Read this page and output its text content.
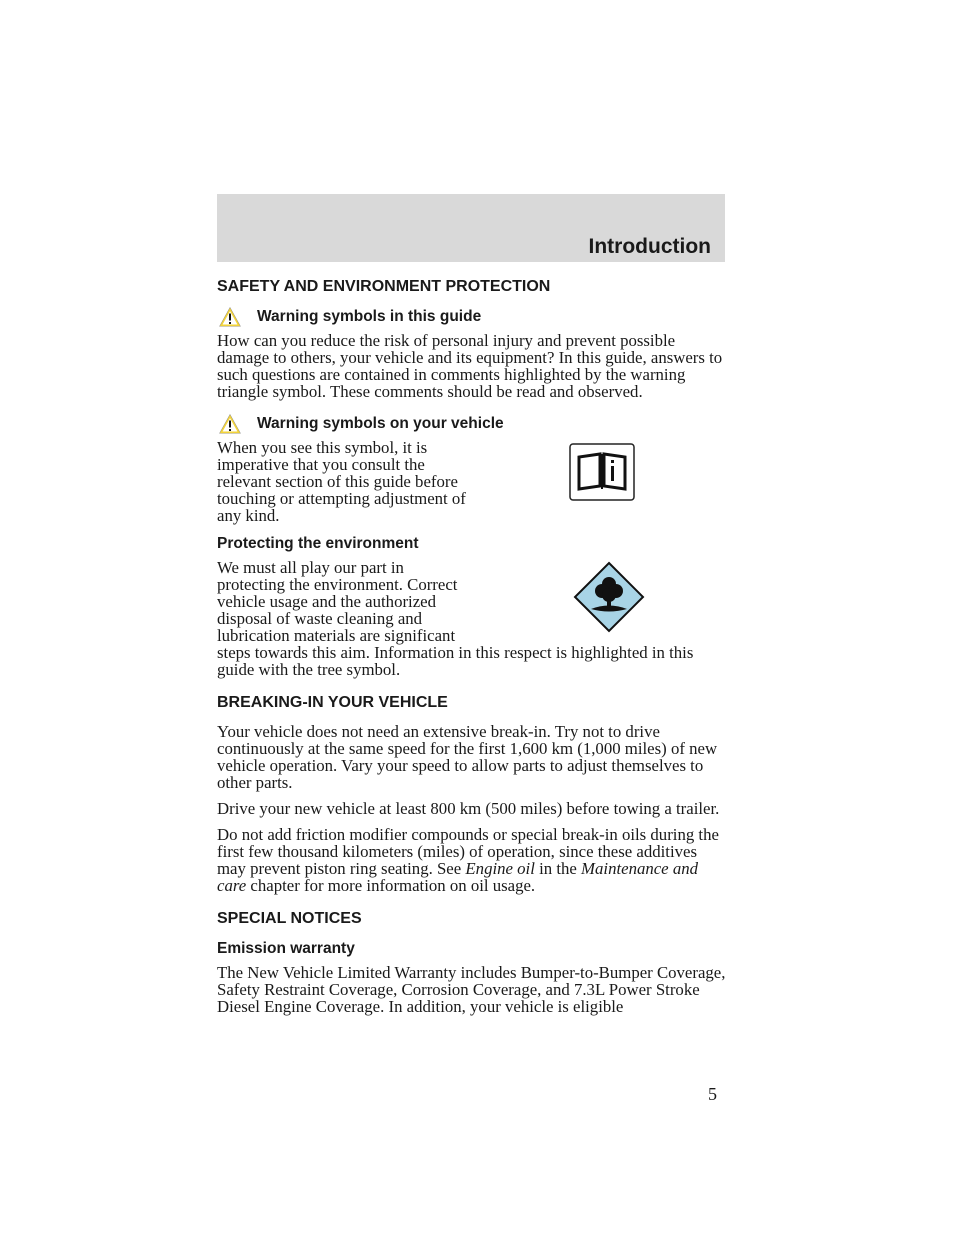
Introduction
SAFETY AND ENVIRONMENT PROTECTION
Warning symbols in this guide

How can you reduce the risk of personal injury and prevent possible damage to others, your vehicle and its equipment? In this guide, answers to such questions are contained in comments highlighted by the warning triangle symbol. These comments should be read and observed.

Warning symbols on your vehicle

When you see this symbol, it is imperative that you consult the relevant section of this guide before touching or attempting adjustment of any kind.

Protecting the environment

We must all play our part in protecting the environment. Correct vehicle usage and the authorized disposal of waste cleaning and lubrication materials are significant

steps towards this aim. Information in this respect is highlighted in this guide with the tree symbol.

BREAKING-IN YOUR VEHICLE

Your vehicle does not need an extensive break-in. Try not to drive continuously at the same speed for the first 1,600 km (1,000 miles) of new vehicle operation. Vary your speed to allow parts to adjust themselves to other parts.

Drive your new vehicle at least 800 km (500 miles) before towing a trailer.

Do not add friction modifier compounds or special break-in oils during the first few thousand kilometers (miles) of operation, since these additives may prevent piston ring seating. See Engine oil in the Maintenance and care chapter for more information on oil usage.

SPECIAL NOTICES
Emission warranty

The New Vehicle Limited Warranty includes Bumper-to-Bumper Coverage, Safety Restraint Coverage, Corrosion Coverage, and 7.3L Power Stroke Diesel Engine Coverage. In addition, your vehicle is eligible

5
